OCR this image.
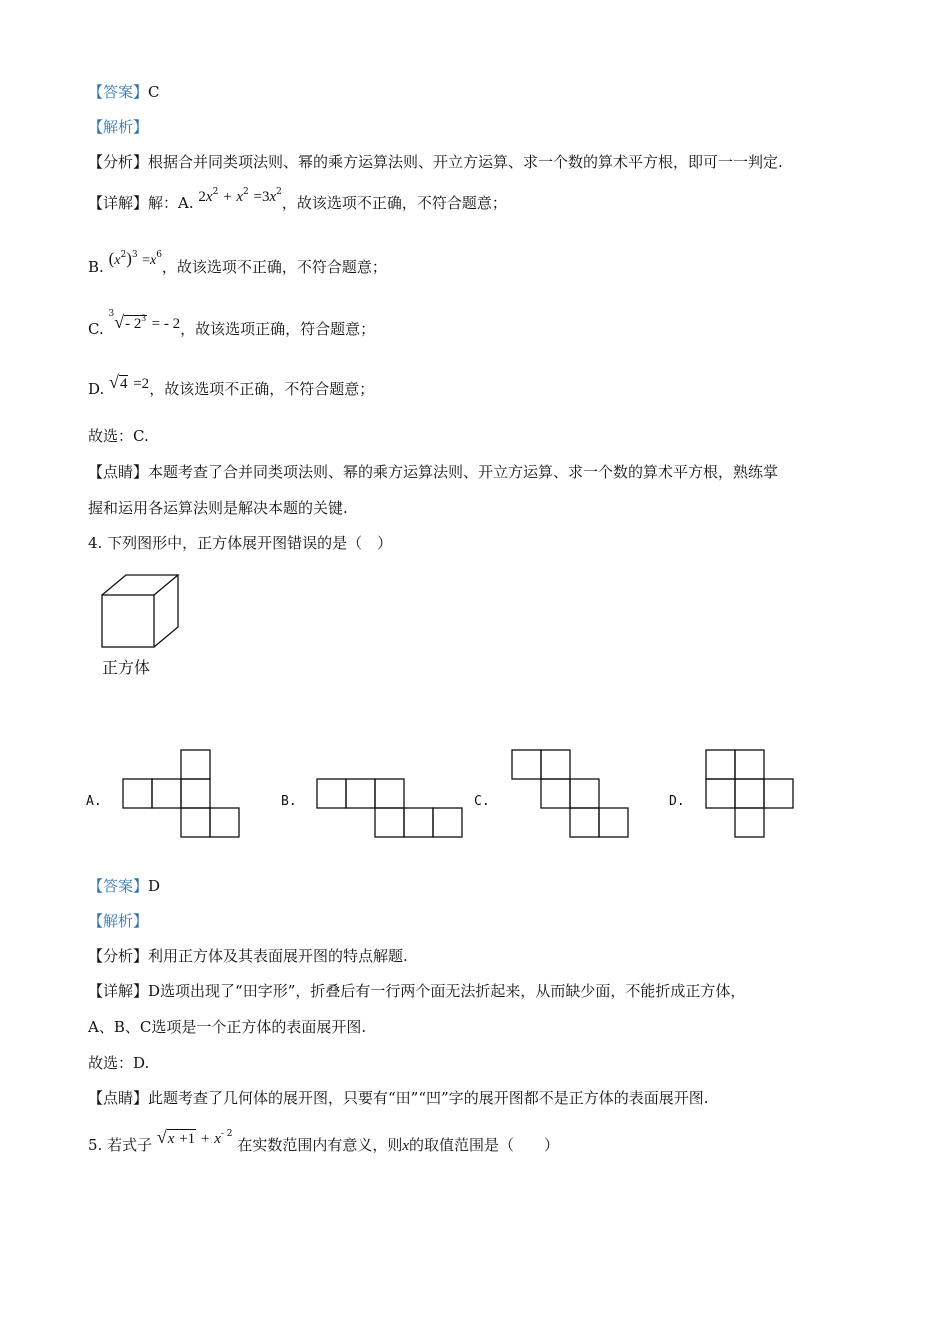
【答案】C
【解析】
【分析】根据合并同类项法则、幂的乘方运算法则、开立方运算、求一个数的算术平方根，即可一一判定.
【详解】解：A. $2x^2 + x^2 =3x^2$，故该选项不正确，不符合题意；
B. $(x^2)^3 =x^6$，故该选项不正确，不符合题意；
C. $^3$√- $2^3$ = - 2，故该选项正确，符合题意；
D. √4 =2，故该选项不正确，不符合题意；
故选：C.
【点睛】本题考查了合并同类项法则、幂的乘方运算法则、开立方运算、求一个数的算术平方根，熟练掌
握和运用各运算法则是解决本题的关键.
4. 下列图形中，正方体展开图错误的是（　）
正方体
A.	B.	C.	D.
【答案】D
【解析】
【分析】利用正方体及其表面展开图的特点解题.
【详解】D选项出现了“田字形”，折叠后有一行两个面无法折起来，从而缺少面，不能折成正方体，
A、B、C选项是一个正方体的表面展开图.
故选：D.
【点睛】此题考查了几何体的展开图，只要有“田”“凹”字的展开图都不是正方体的表面展开图.
5. 若式子 $√x +1 + x^{- 2}$ 在实数范围内有意义，则x的取值范围是（　　）
